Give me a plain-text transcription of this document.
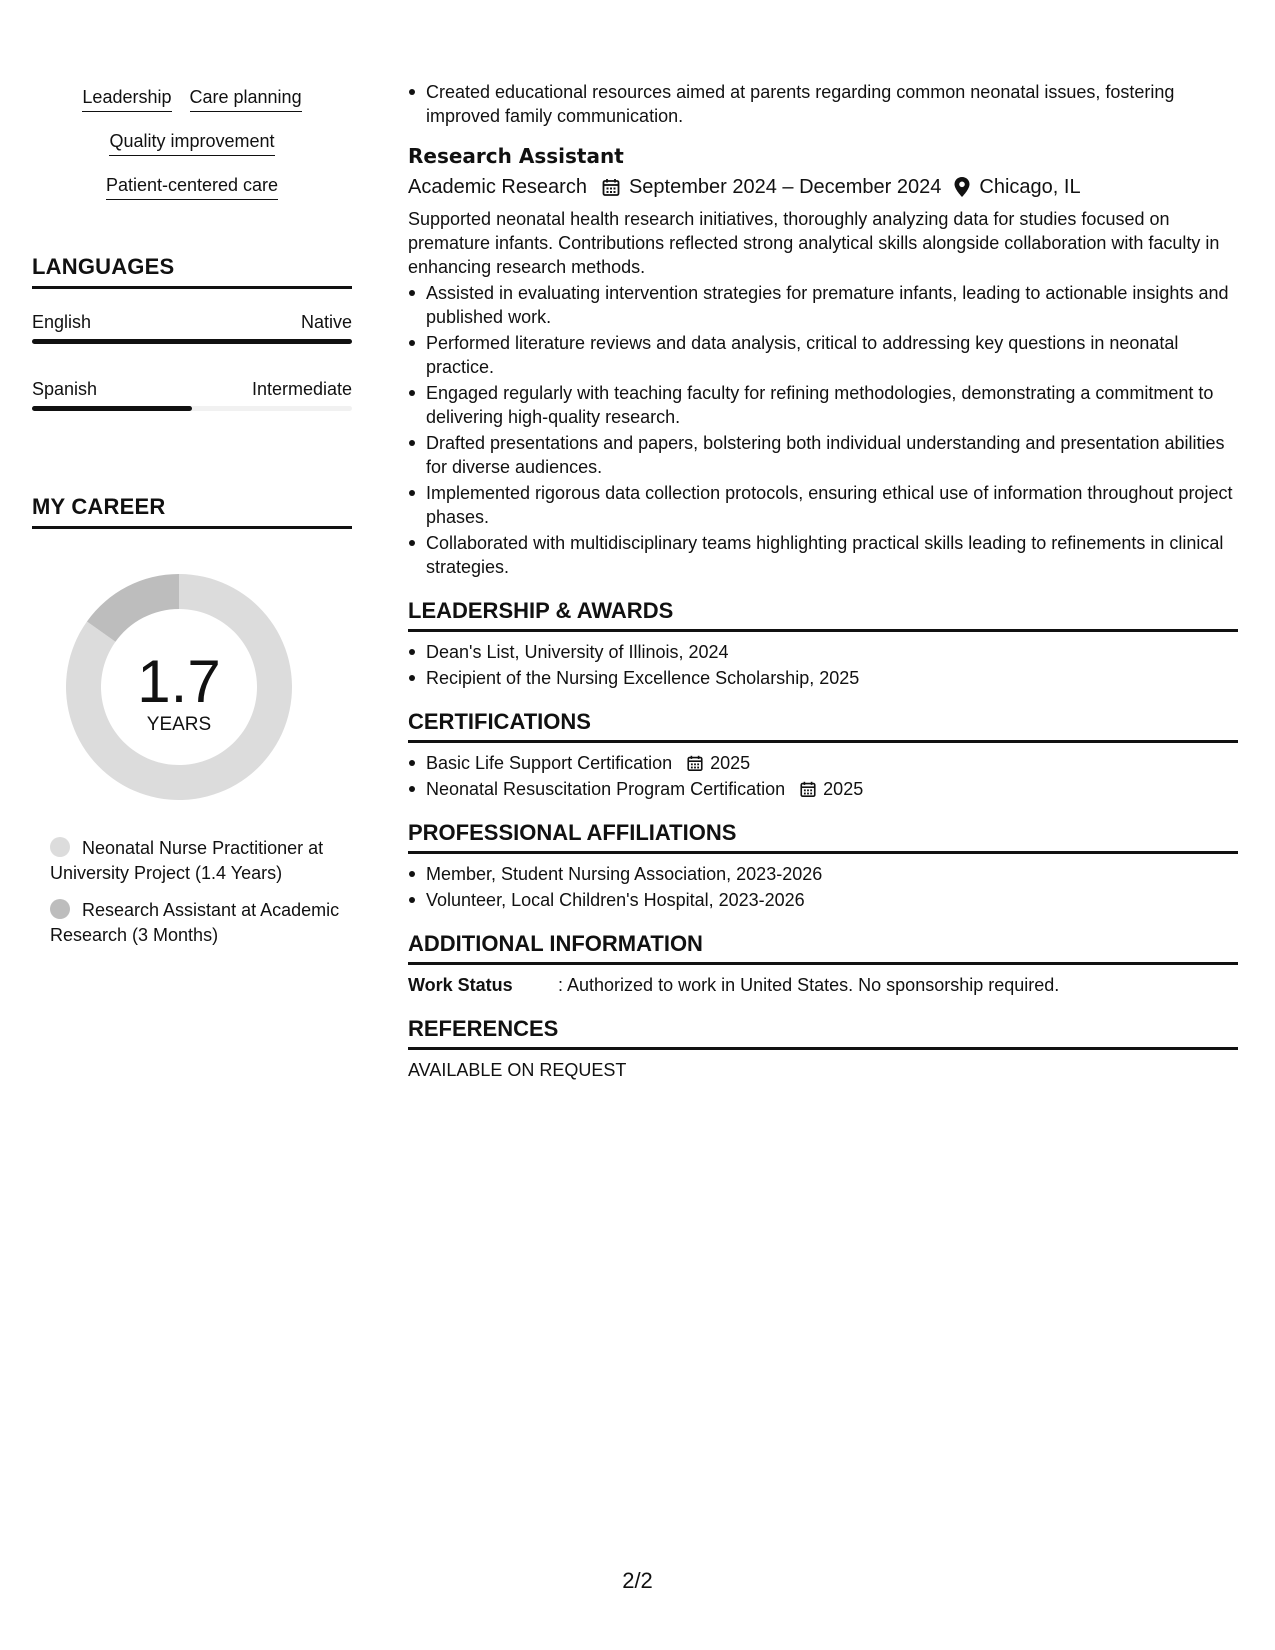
Leadership Care planning
Quality improvement
Patient-centered care
LANGUAGES
English	Native
Spanish	Intermediate
MY CAREER
1.7
YEARS
Neonatal Nurse Practitioner at University Project (1.4 Years)
Research Assistant at Academic Research (3 Months)
Created educational resources aimed at parents regarding common neonatal issues, fostering improved family communication.
Research Assistant
Academic Research September 2024 – December 2024 Chicago, IL
Supported neonatal health research initiatives, thoroughly analyzing data for studies focused on premature infants. Contributions reflected strong analytical skills alongside collaboration with faculty in enhancing research methods.
Assisted in evaluating intervention strategies for premature infants, leading to actionable insights and published work.
Performed literature reviews and data analysis, critical to addressing key questions in neonatal practice.
Engaged regularly with teaching faculty for refining methodologies, demonstrating a commitment to delivering high-quality research.
Drafted presentations and papers, bolstering both individual understanding and presentation abilities for diverse audiences.
Implemented rigorous data collection protocols, ensuring ethical use of information throughout project phases.
Collaborated with multidisciplinary teams highlighting practical skills leading to refinements in clinical strategies.
LEADERSHIP & AWARDS
Dean's List, University of Illinois, 2024
Recipient of the Nursing Excellence Scholarship, 2025
CERTIFICATIONS
Basic Life Support Certification 2025
Neonatal Resuscitation Program Certification 2025
PROFESSIONAL AFFILIATIONS
Member, Student Nursing Association, 2023-2026
Volunteer, Local Children's Hospital, 2023-2026
ADDITIONAL INFORMATION
Work Status	: Authorized to work in United States. No sponsorship required.
REFERENCES
AVAILABLE ON REQUEST
2/2
